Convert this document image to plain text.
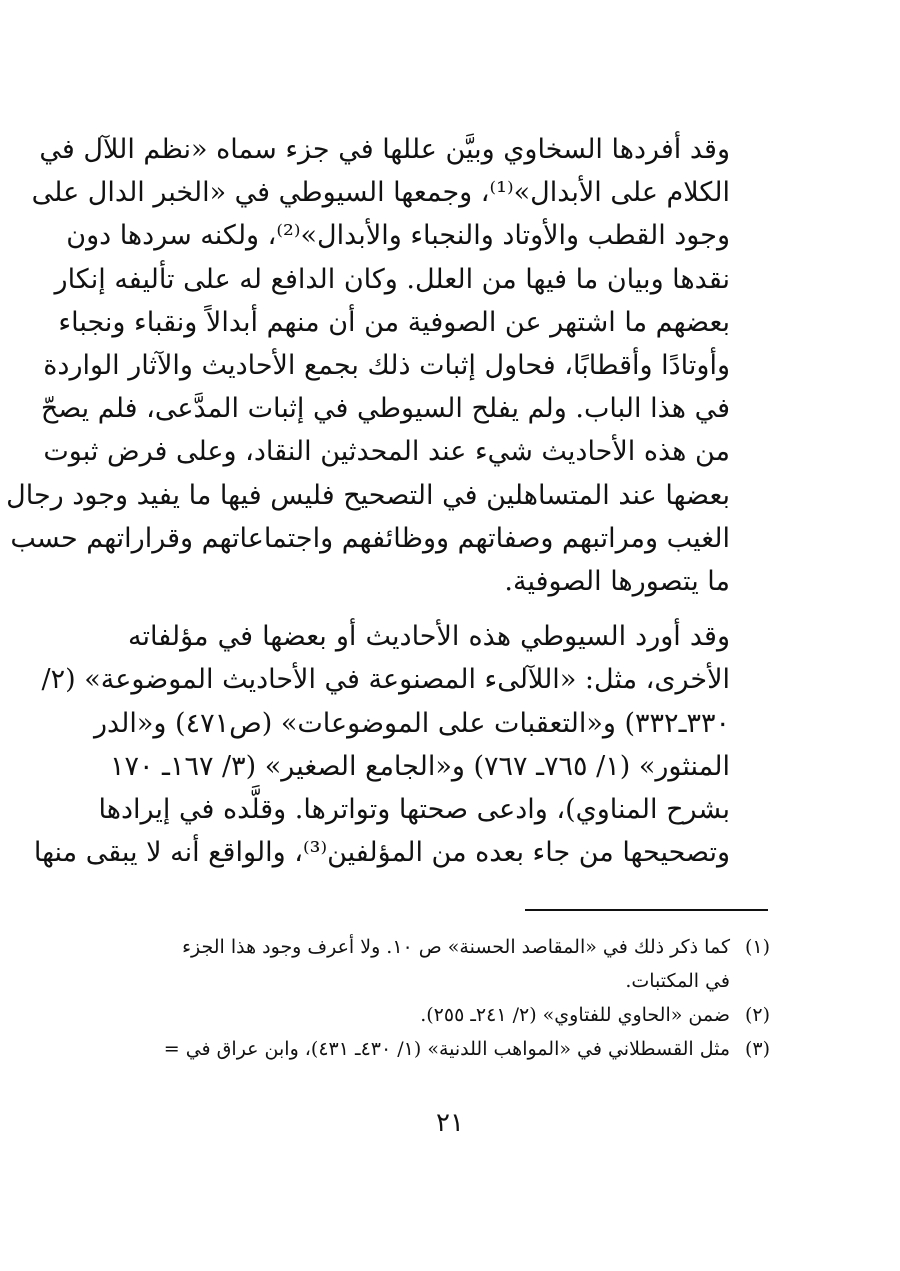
وقد أفردها السخاوي وبيَّن عللها في جزء سماه «نظم اللآل في
الكلام على الأبدال»⁽¹⁾، وجمعها السيوطي في «الخبر الدال على
وجود القطب والأوتاد والنجباء والأبدال»⁽²⁾، ولكنه سردها دون
نقدها وبيان ما فيها من العلل. وكان الدافع له على تأليفه إنكار
بعضهم ما اشتهر عن الصوفية من أن منهم أبدالاً ونقباء ونجباء
وأوتادًا وأقطابًا، فحاول إثبات ذلك بجمع الأحاديث والآثار الواردة
في هذا الباب. ولم يفلح السيوطي في إثبات المدَّعى، فلم يصحّ
من هذه الأحاديث شيء عند المحدثين النقاد، وعلى فرض ثبوت
بعضها عند المتساهلين في التصحيح فليس فيها ما يفيد وجود رجال
الغيب ومراتبهم وصفاتهم ووظائفهم واجتماعاتهم وقراراتهم حسب
ما يتصورها الصوفية.

وقد أورد السيوطي هذه الأحاديث أو بعضها في مؤلفاته
الأخرى، مثل: «اللآلىء المصنوعة في الأحاديث الموضوعة» (٢/
٣٣٠ـ٣٣٢) و«التعقبات على الموضوعات» (ص٤٧١) و«الدر
المنثور» (١/ ٧٦٥ـ ٧٦٧) و«الجامع الصغير» (٣/ ١٦٧ـ ١٧٠
بشرح المناوي)، وادعى صحتها وتواترها. وقلَّده في إيرادها
وتصحيحها من جاء بعده من المؤلفين⁽³⁾، والواقع أنه لا يبقى منها

(١)كما ذكر ذلك في «المقاصد الحسنة» ص ١٠. ولا أعرف وجود هذا الجزء
في المكتبات.
(٢)ضمن «الحاوي للفتاوي» (٢/ ٢٤١ـ ٢٥٥).
(٣)مثل القسطلاني في «المواهب اللدنية» (١/ ٤٣٠ـ ٤٣١)، وابن عراق في =
٢١
